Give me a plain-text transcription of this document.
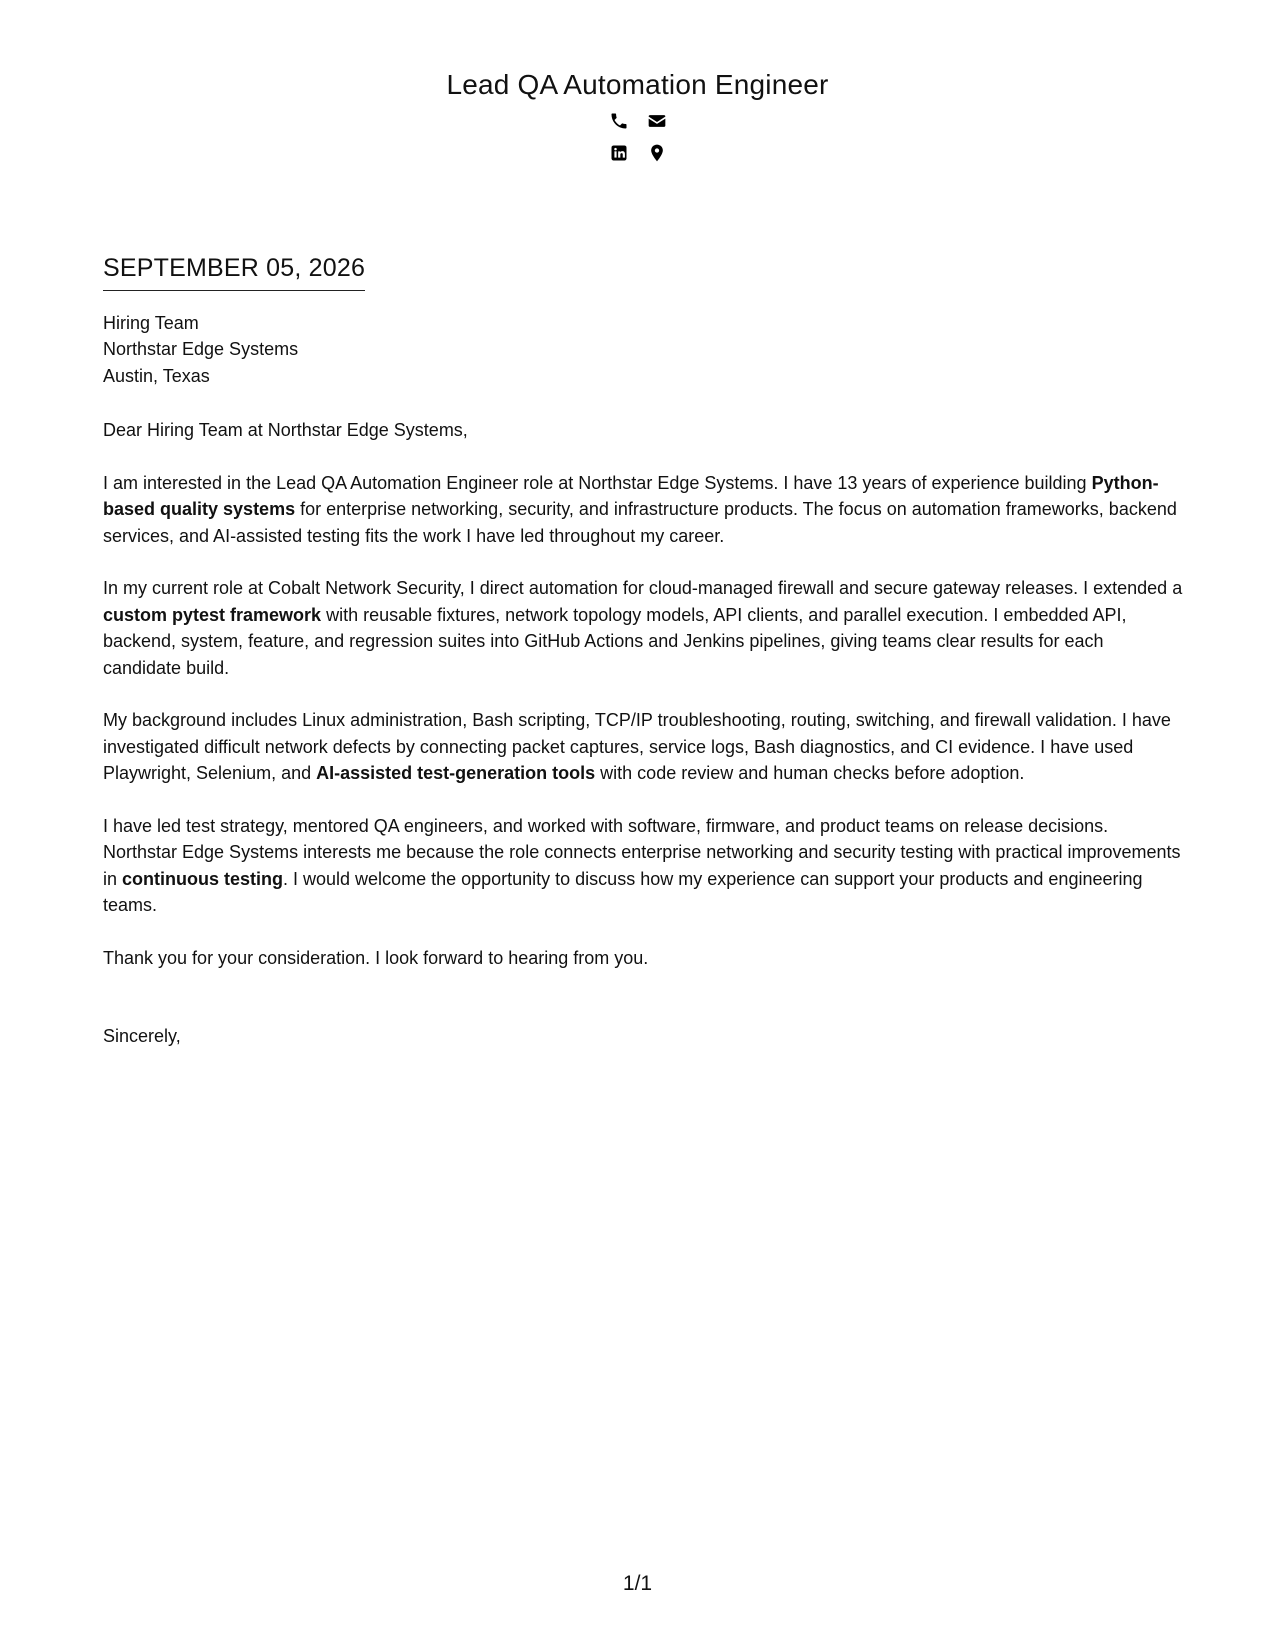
Lead QA Automation Engineer
SEPTEMBER 05, 2026
Hiring Team
Northstar Edge Systems
Austin, Texas
Dear Hiring Team at Northstar Edge Systems,
I am interested in the Lead QA Automation Engineer role at Northstar Edge Systems. I have 13 years of experience building Python-based quality systems for enterprise networking, security, and infrastructure products. The focus on automation frameworks, backend services, and AI-assisted testing fits the work I have led throughout my career.
In my current role at Cobalt Network Security, I direct automation for cloud-managed firewall and secure gateway releases. I extended a custom pytest framework with reusable fixtures, network topology models, API clients, and parallel execution. I embedded API, backend, system, feature, and regression suites into GitHub Actions and Jenkins pipelines, giving teams clear results for each candidate build.
My background includes Linux administration, Bash scripting, TCP/IP troubleshooting, routing, switching, and firewall validation. I have investigated difficult network defects by connecting packet captures, service logs, Bash diagnostics, and CI evidence. I have used Playwright, Selenium, and AI-assisted test-generation tools with code review and human checks before adoption.
I have led test strategy, mentored QA engineers, and worked with software, firmware, and product teams on release decisions. Northstar Edge Systems interests me because the role connects enterprise networking and security testing with practical improvements in continuous testing. I would welcome the opportunity to discuss how my experience can support your products and engineering teams.
Thank you for your consideration. I look forward to hearing from you.
Sincerely,
1/1
